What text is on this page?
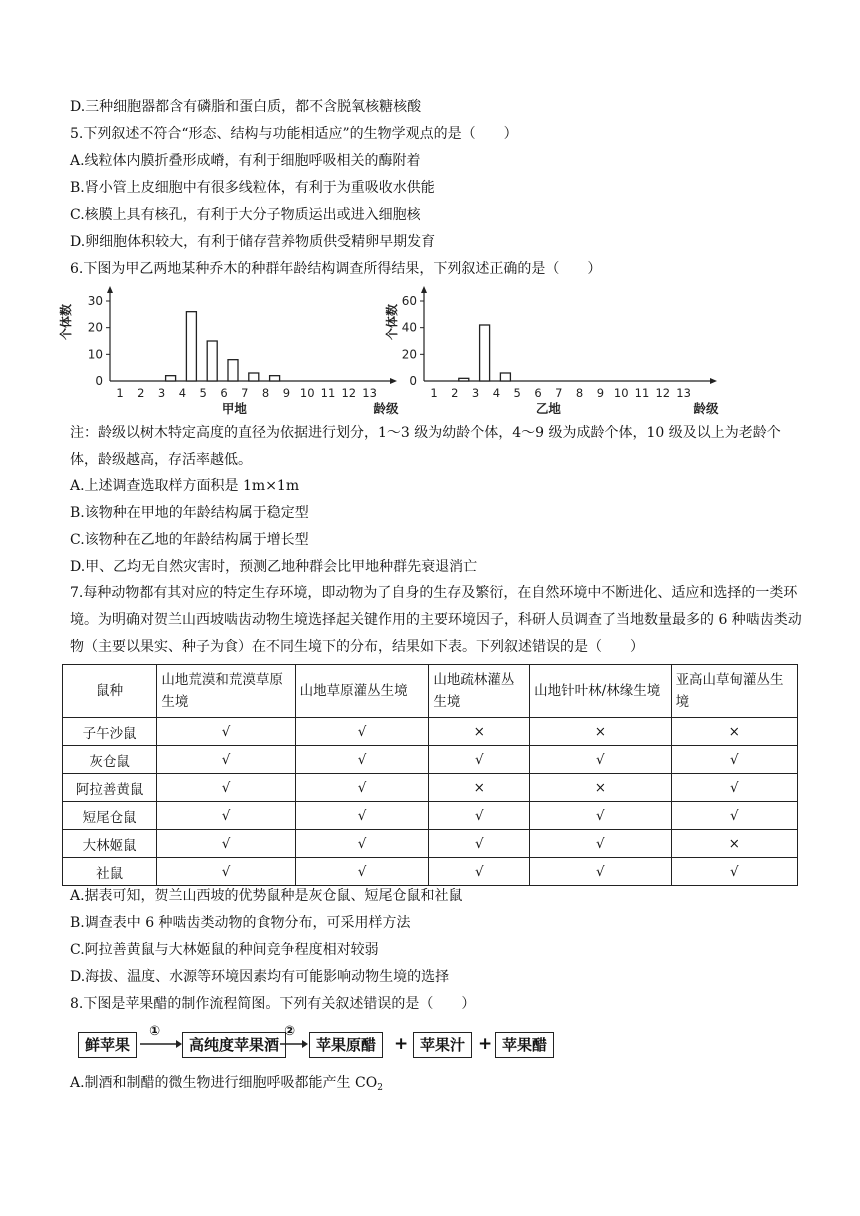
D.三种细胞器都含有磷脂和蛋白质，都不含脱氧核糖核酸
5.下列叙述不符合“形态、结构与功能相适应”的生物学观点的是（　　）
A.线粒体内膜折叠形成嵴，有利于细胞呼吸相关的酶附着
B.肾小管上皮细胞中有很多线粒体，有利于为重吸收水供能
C.核膜上具有核孔，有利于大分子物质运出或进入细胞核
D.卵细胞体积较大，有利于储存营养物质供受精卵早期发育
6.下图为甲乙两地某种乔木的种群年龄结构调查所得结果，下列叙述正确的是（　　）
0
10
20
30
个体数
1 2 3 4 5 6 7 8 9 10 11 12 13
甲地	龄级
0
20
40
60
个体数
1 2 3 4 5 6 7 8 9 10 11 12 13
乙地	龄级
注：龄级以树木特定高度的直径为依据进行划分，1～3 级为幼龄个体，4～9 级为成龄个体，10 级及以上为老龄个体，龄级越高，存活率越低。
A.上述调查选取样方面积是 1m×1m
B.该物种在甲地的年龄结构属于稳定型
C.该物种在乙地的年龄结构属于增长型
D.甲、乙均无自然灾害时，预测乙地种群会比甲地种群先衰退消亡
7.每种动物都有其对应的特定生存环境，即动物为了自身的生存及繁衍，在自然环境中不断进化、适应和选择的一类环境。为明确对贺兰山西坡啮齿动物生境选择起关键作用的主要环境因子，科研人员调查了当地数量最多的 6 种啮齿类动物（主要以果实、种子为食）在不同生境下的分布，结果如下表。下列叙述错误的是（　　）
鼠种	山地荒漠和荒漠草原生境	山地草原灌丛生境	山地疏林灌丛生境	山地针叶林/林缘生境	亚高山草甸灌丛生境
子午沙鼠	√	√	×	×	×
灰仓鼠	√	√	√	√	√
阿拉善黄鼠	√	√	×	×	√
短尾仓鼠	√	√	√	√	√
大林姬鼠	√	√	√	√	×
社鼠	√	√	√	√	√
A.据表可知，贺兰山西坡的优势鼠种是灰仓鼠、短尾仓鼠和社鼠
B.调查表中 6 种啮齿类动物的食物分布，可采用样方法
C.阿拉善黄鼠与大林姬鼠的种间竞争程度相对较弱
D.海拔、温度、水源等环境因素均有可能影响动物生境的选择
8.下图是苹果醋的制作流程简图。下列有关叙述错误的是（　　）
鲜苹果
①
高纯度苹果酒
②
苹果原醋	+ 苹果汁 + 苹果醋
A.制酒和制醋的微生物进行细胞呼吸都能产生 $CO_2$
